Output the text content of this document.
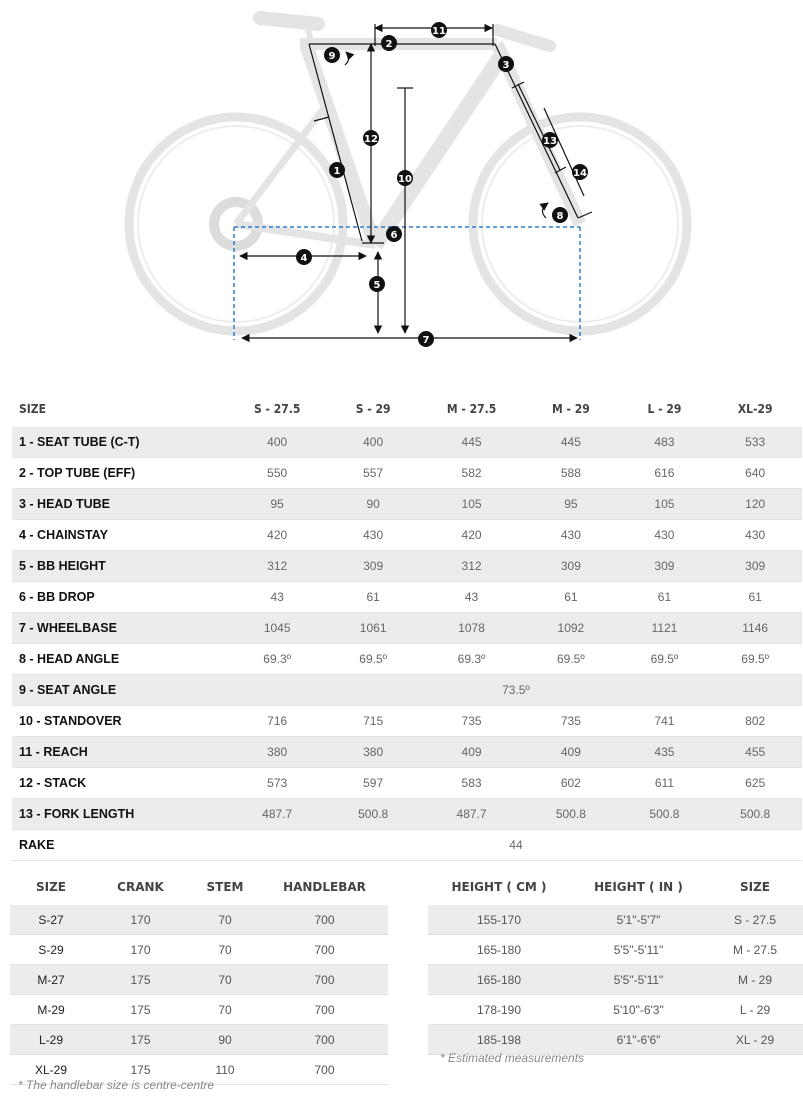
1
2
3
4
5
6
7
8
9
10
11
12	13
14
SIZE	S - 27.5	S - 29	M - 27.5	M - 29	L - 29	XL-29
1 - SEAT TUBE (C-T)	400	400	445	445	483	533
2 - TOP TUBE (EFF)	550	557	582	588	616	640
3 - HEAD TUBE	95	90	105	95	105	120
4 - CHAINSTAY	420	430	420	430	430	430
5 - BB HEIGHT	312	309	312	309	309	309
6 - BB DROP	43	61	43	61	61	61
7 - WHEELBASE	1045	1061	1078	1092	1121	1146
8 - HEAD ANGLE	69.3º	69.5º	69.3º	69.5º	69.5º	69.5º
9 - SEAT ANGLE	73.5º					
10 - STANDOVER	716	715	735	735	741	802
11 - REACH	380	380	409	409	435	455
12 - STACK	573	597	583	602	611	625
13 - FORK LENGTH	487.7	500.8	487.7	500.8	500.8	500.8
RAKE	44					
SIZE	CRANK	STEM	HANDLEBAR
S-27	170	70	700
S-29	170	70	700
M-27	175	70	700
M-29	175	70	700
L-29	175	90	700
XL-29	175	110	700
* The handlebar size is centre-centre
HEIGHT ( CM )	HEIGHT ( IN )	SIZE
155-170	5'1"-5'7"	S - 27.5
165-180	5'5"-5'11"	M - 27.5
165-180	5'5"-5'11"	M - 29
178-190	5'10"-6'3"	L - 29
185-198	6'1"-6'6"	XL - 29
* Estimated measurements
